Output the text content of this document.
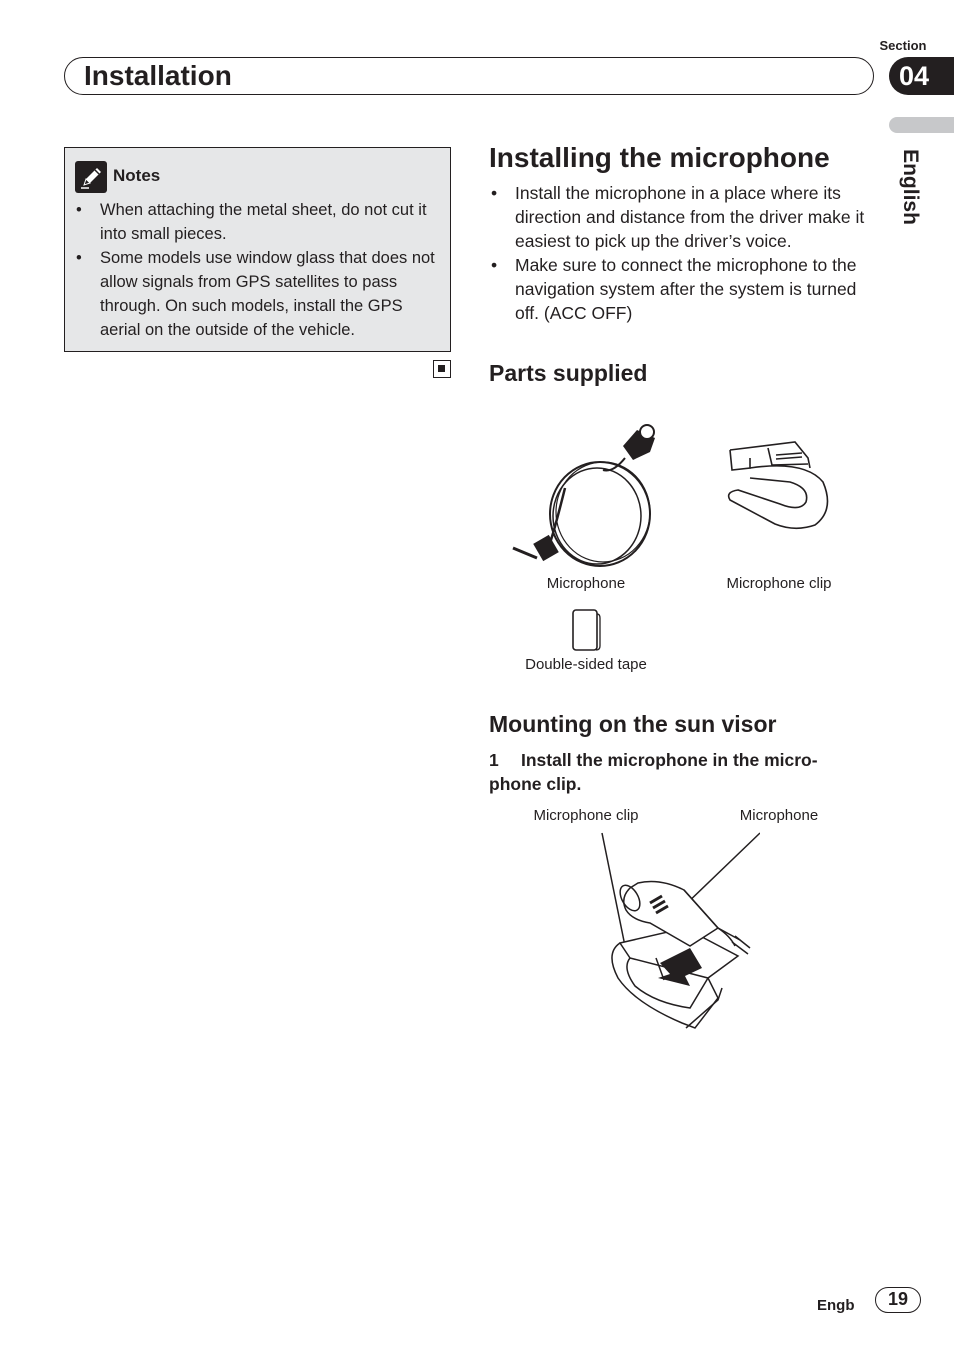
Section
Installation	04
English
Notes
• When attaching the metal sheet, do not cut it into small pieces.
• Some models use window glass that does not allow signals from GPS satellites to pass through. On such models, install the GPS aerial on the outside of the vehicle.
Installing the microphone
• Install the microphone in a place where its direction and distance from the driver make it easiest to pick up the driver’s voice.
• Make sure to connect the microphone to the navigation system after the system is turned off. (ACC OFF)
Parts supplied
Microphone	Microphone clip
Double-sided tape
Mounting on the sun visor
1 Install the microphone in the micro-phone clip.
Microphone clip	Microphone
Engb	19
